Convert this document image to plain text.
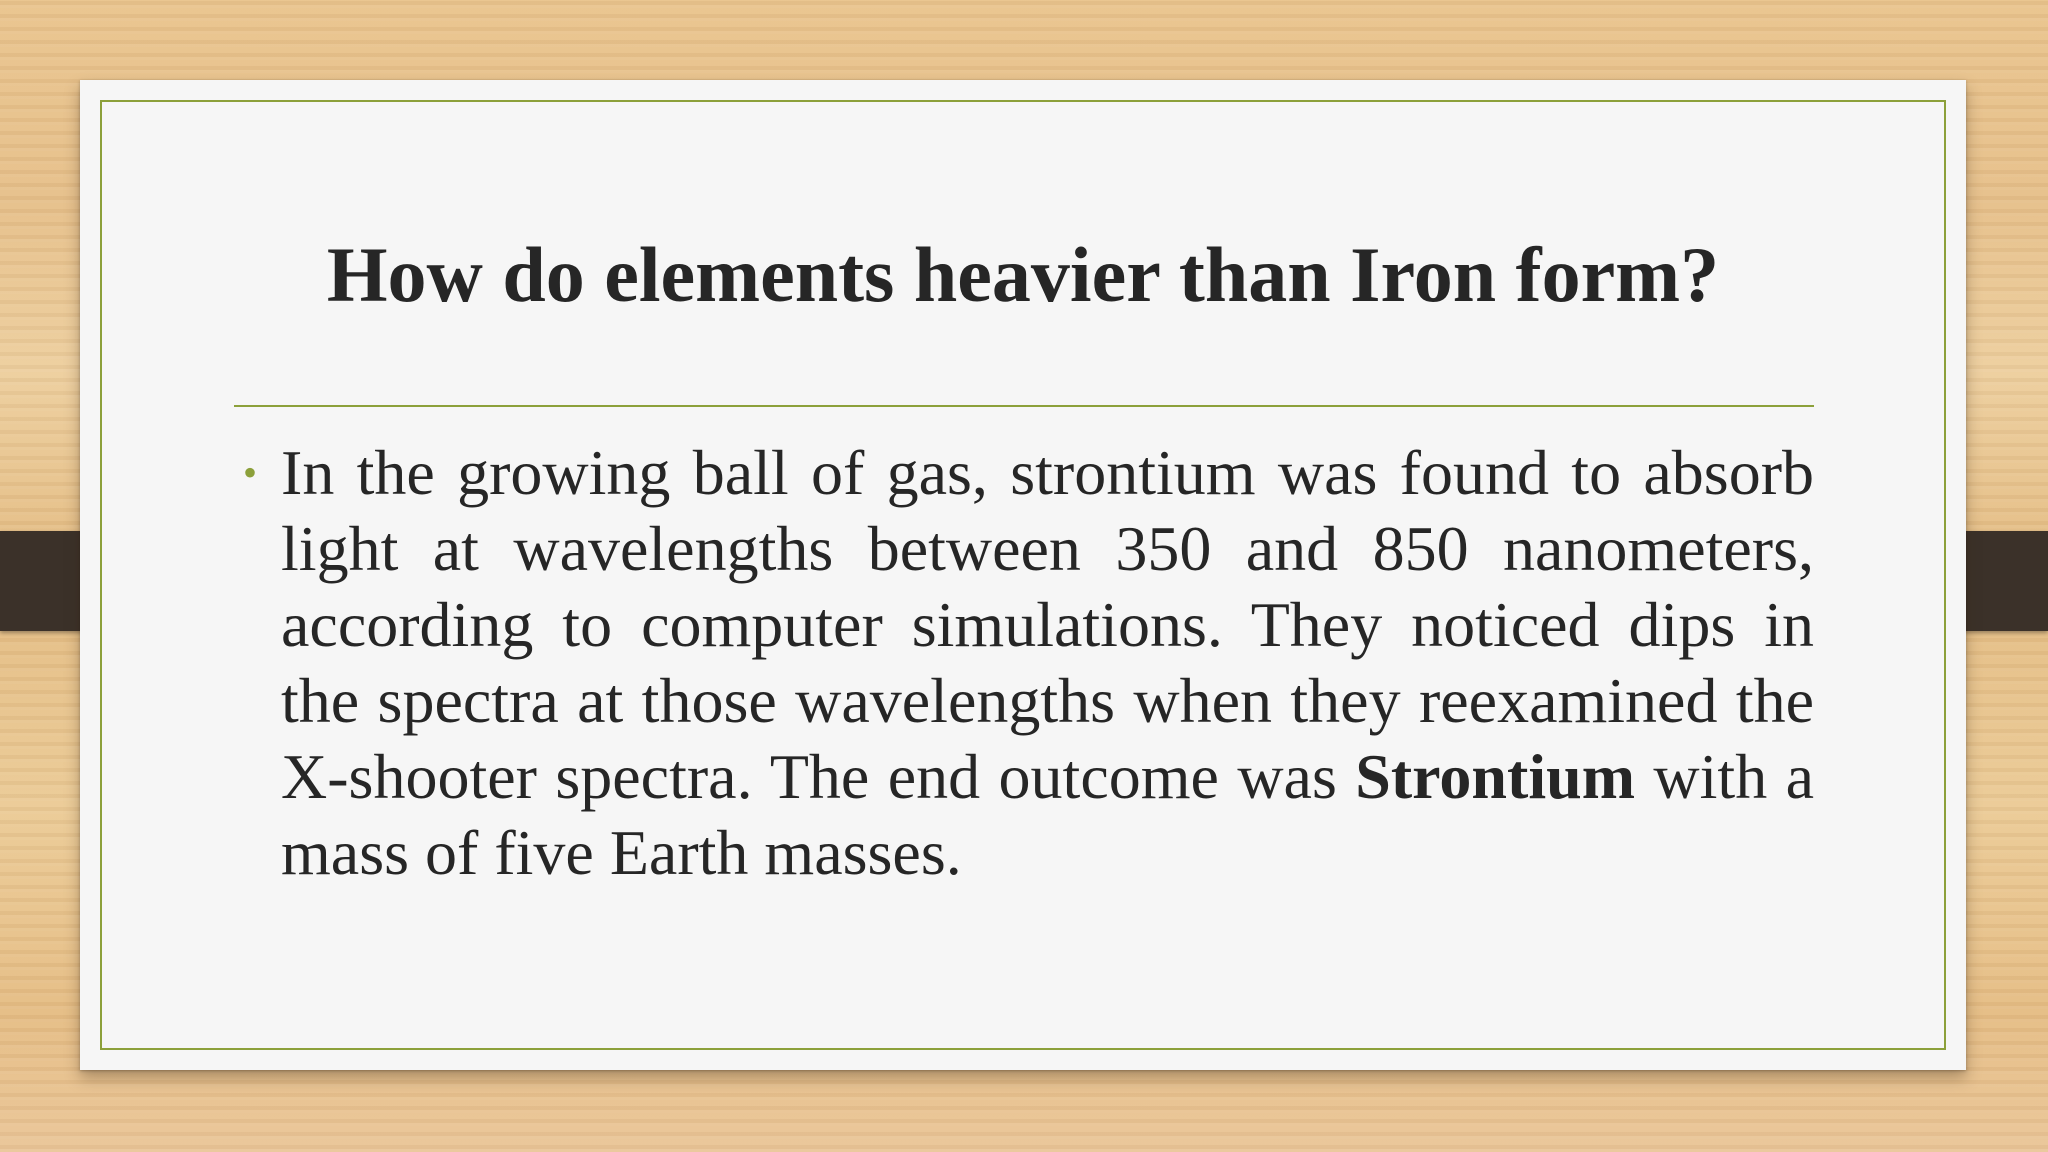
How do elements heavier than Iron form?
• In the growing ball of gas, strontium was found to absorb light at wavelengths between 350 and 850 nanometers, according to computer simulations. They noticed dips in the spectra at those wavelengths when they reexamined the X-shooter spectra. The end outcome was Strontium with a mass of five Earth masses.
